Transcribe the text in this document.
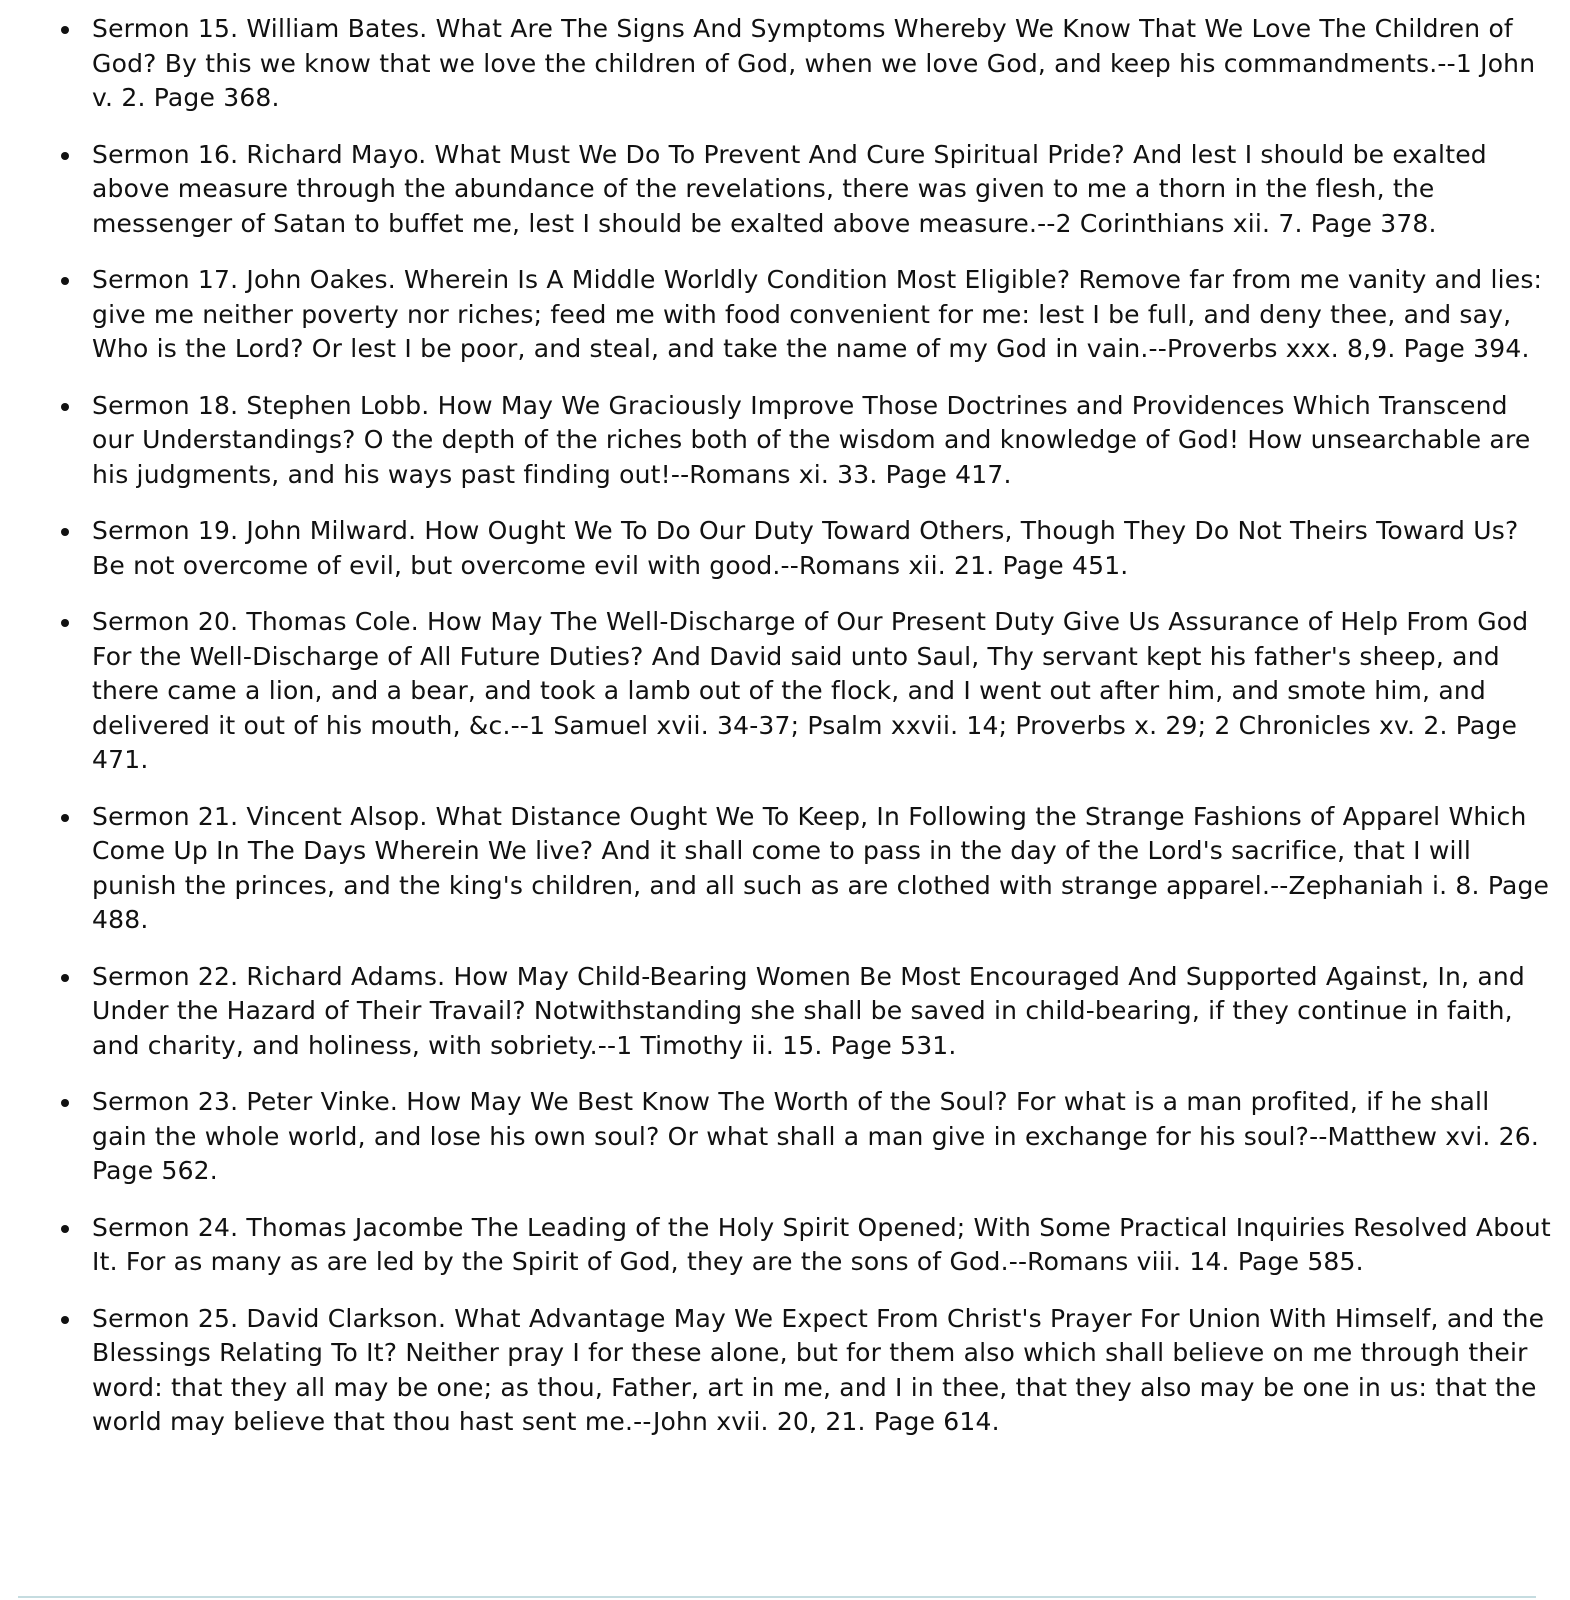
Sermon 15. William Bates. What Are The Signs And Symptoms Whereby We Know That We Love The Children of God? By this we know that we love the children of God, when we love God, and keep his commandments.--1 John v. 2. Page 368.
Sermon 16. Richard Mayo. What Must We Do To Prevent And Cure Spiritual Pride? And lest I should be exalted above measure through the abundance of the revelations, there was given to me a thorn in the flesh, the messenger of Satan to buffet me, lest I should be exalted above measure.--2 Corinthians xii. 7. Page 378.
Sermon 17. John Oakes. Wherein Is A Middle Worldly Condition Most Eligible? Remove far from me vanity and lies: give me neither poverty nor riches; feed me with food convenient for me: lest I be full, and deny thee, and say, Who is the Lord? Or lest I be poor, and steal, and take the name of my God in vain.--Proverbs xxx. 8,9. Page 394.
Sermon 18. Stephen Lobb. How May We Graciously Improve Those Doctrines and Providences Which Transcend our Understandings? O the depth of the riches both of the wisdom and knowledge of God! How unsearchable are his judgments, and his ways past finding out!--Romans xi. 33. Page 417.
Sermon 19. John Milward. How Ought We To Do Our Duty Toward Others, Though They Do Not Theirs Toward Us? Be not overcome of evil, but overcome evil with good.--Romans xii. 21. Page 451.
Sermon 20. Thomas Cole. How May The Well-Discharge of Our Present Duty Give Us Assurance of Help From God For the Well-Discharge of All Future Duties? And David said unto Saul, Thy servant kept his father's sheep, and there came a lion, and a bear, and took a lamb out of the flock, and I went out after him, and smote him, and delivered it out of his mouth, &c.--1 Samuel xvii. 34-37; Psalm xxvii. 14; Proverbs x. 29; 2 Chronicles xv. 2. Page 471.
Sermon 21. Vincent Alsop. What Distance Ought We To Keep, In Following the Strange Fashions of Apparel Which Come Up In The Days Wherein We live? And it shall come to pass in the day of the Lord's sacrifice, that I will punish the princes, and the king's children, and all such as are clothed with strange apparel.--Zephaniah i. 8. Page 488.
Sermon 22. Richard Adams. How May Child-Bearing Women Be Most Encouraged And Supported Against, In, and Under the Hazard of Their Travail? Notwithstanding she shall be saved in child-bearing, if they continue in faith, and charity, and holiness, with sobriety.--1 Timothy ii. 15. Page 531.
Sermon 23. Peter Vinke. How May We Best Know The Worth of the Soul? For what is a man profited, if he shall gain the whole world, and lose his own soul? Or what shall a man give in exchange for his soul?--Matthew xvi. 26. Page 562.
Sermon 24. Thomas Jacombe The Leading of the Holy Spirit Opened; With Some Practical Inquiries Resolved About It. For as many as are led by the Spirit of God, they are the sons of God.--Romans viii. 14. Page 585.
Sermon 25. David Clarkson. What Advantage May We Expect From Christ's Prayer For Union With Himself, and the Blessings Relating To It? Neither pray I for these alone, but for them also which shall believe on me through their word: that they all may be one; as thou, Father, art in me, and I in thee, that they also may be one in us: that the world may believe that thou hast sent me.--John xvii. 20, 21. Page 614.
